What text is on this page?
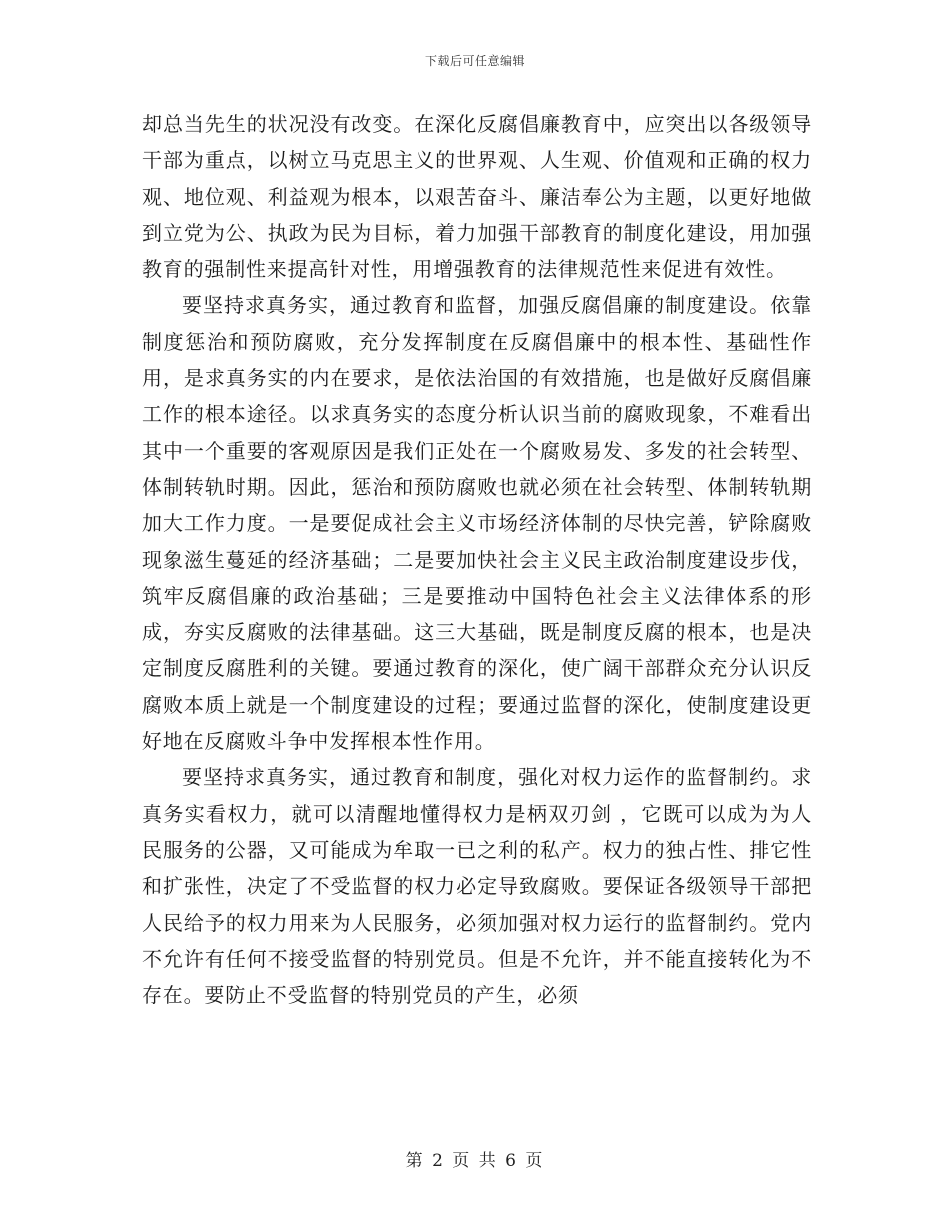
下载后可任意编辑

却总当先生的状况没有改变。在深化反腐倡廉教育中，应突出以各级领导干部为重点，以树立马克思主义的世界观、人生观、价值观和正确的权力观、地位观、利益观为根本，以艰苦奋斗、廉洁奉公为主题，以更好地做到立党为公、执政为民为目标，着力加强干部教育的制度化建设，用加强教育的强制性来提高针对性，用增强教育的法律规范性来促进有效性。

要坚持求真务实，通过教育和监督，加强反腐倡廉的制度建设。依靠制度惩治和预防腐败，充分发挥制度在反腐倡廉中的根本性、基础性作用，是求真务实的内在要求，是依法治国的有效措施，也是做好反腐倡廉工作的根本途径。以求真务实的态度分析认识当前的腐败现象，不难看出其中一个重要的客观原因是我们正处在一个腐败易发、多发的社会转型、体制转轨时期。因此，惩治和预防腐败也就必须在社会转型、体制转轨期加大工作力度。一是要促成社会主义市场经济体制的尽快完善，铲除腐败现象滋生蔓延的经济基础；二是要加快社会主义民主政治制度建设步伐，筑牢反腐倡廉的政治基础；三是要推动中国特色社会主义法律体系的形成，夯实反腐败的法律基础。这三大基础，既是制度反腐的根本，也是决定制度反腐胜利的关键。要通过教育的深化，使广阔干部群众充分认识反腐败本质上就是一个制度建设的过程；要通过监督的深化，使制度建设更好地在反腐败斗争中发挥根本性作用。

要坚持求真务实，通过教育和制度，强化对权力运作的监督制约。求真务实看权力，就可以清醒地懂得权力是柄双刃剑 ，它既可以成为为人民服务的公器，又可能成为牟取一已之利的私产。权力的独占性、排它性和扩张性，决定了不受监督的权力必定导致腐败。要保证各级领导干部把人民给予的权力用来为人民服务，必须加强对权力运行的监督制约。党内不允许有任何不接受监督的特别党员。但是不允许，并不能直接转化为不存在。要防止不受监督的特别党员的产生，必须

第 2 页 共 6 页
